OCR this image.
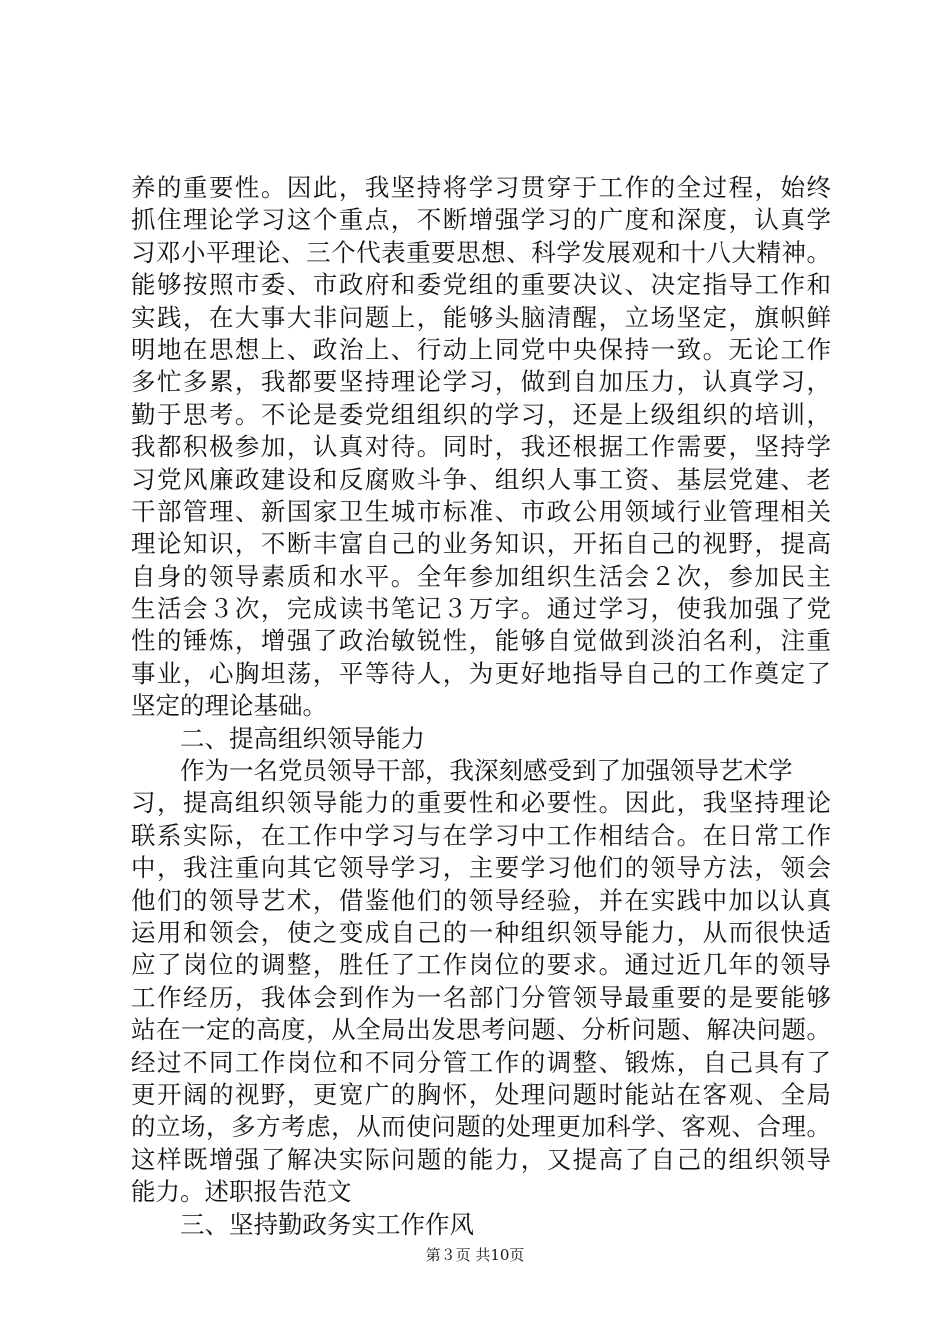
养的重要性。因此，我坚持将学习贯穿于工作的全过程，始终
抓住理论学习这个重点，不断增强学习的广度和深度，认真学
习邓小平理论、三个代表重要思想、科学发展观和十八大精神。
能够按照市委、市政府和委党组的重要决议、决定指导工作和
实践，在大事大非问题上，能够头脑清醒，立场坚定，旗帜鲜
明地在思想上、政治上、行动上同党中央保持一致。无论工作
多忙多累，我都要坚持理论学习，做到自加压力，认真学习，
勤于思考。不论是委党组组织的学习，还是上级组织的培训，
我都积极参加，认真对待。同时，我还根据工作需要，坚持学
习党风廉政建设和反腐败斗争、组织人事工资、基层党建、老
干部管理、新国家卫生城市标准、市政公用领域行业管理相关
理论知识，不断丰富自己的业务知识，开拓自己的视野，提高
自身的领导素质和水平。全年参加组织生活会２次，参加民主
生活会３次，完成读书笔记３万字。通过学习，使我加强了党
性的锤炼，增强了政治敏锐性，能够自觉做到淡泊名利，注重
事业，心胸坦荡，平等待人，为更好地指导自己的工作奠定了
坚定的理论基础。
二、提高组织领导能力
作为一名党员领导干部，我深刻感受到了加强领导艺术学
习，提高组织领导能力的重要性和必要性。因此，我坚持理论
联系实际，在工作中学习与在学习中工作相结合。在日常工作
中，我注重向其它领导学习，主要学习他们的领导方法，领会
他们的领导艺术，借鉴他们的领导经验，并在实践中加以认真
运用和领会，使之变成自己的一种组织领导能力，从而很快适
应了岗位的调整，胜任了工作岗位的要求。通过近几年的领导
工作经历，我体会到作为一名部门分管领导最重要的是要能够
站在一定的高度，从全局出发思考问题、分析问题、解决问题。
经过不同工作岗位和不同分管工作的调整、锻炼，自己具有了
更开阔的视野，更宽广的胸怀，处理问题时能站在客观、全局
的立场，多方考虑，从而使问题的处理更加科学、客观、合理。
这样既增强了解决实际问题的能力，又提高了自己的组织领导
能力。述职报告范文
三、坚持勤政务实工作作风
第３页 共10页
